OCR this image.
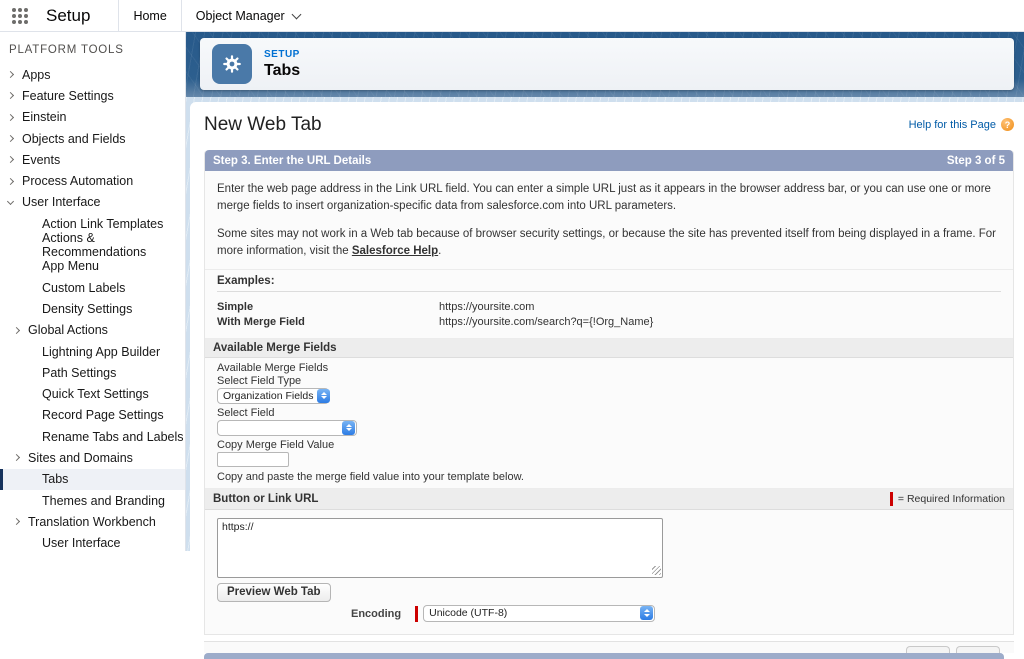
Setup	Home Object Manager
PLATFORM TOOLS
Apps
Feature Settings
Einstein
Objects and Fields
Events
Process Automation
User Interface
Action Link Templates
Actions & Recommendations
App Menu
Custom Labels
Density Settings
Global Actions
Lightning App Builder
Path Settings
Quick Text Settings
Record Page Settings
Rename Tabs and Labels
Sites and Domains
Tabs
Themes and Branding
Translation Workbench
User Interface
SETUP
Tabs
New Web Tab	Help for this Page ?
Step 3. Enter the URL Details	Step 3 of 5

Enter the web page address in the Link URL field. You can enter a simple URL just as it appears in the browser address bar, or you can use one or more merge fields to insert organization-specific data from salesforce.com into URL parameters.

Some sites may not work in a Web tab because of browser security settings, or because the site has prevented itself from being displayed in a frame. For more information, visit the Salesforce Help.

Examples:
Simple	https://yoursite.com
With Merge Field	https://yoursite.com/search?q={!Org_Name}
Available Merge Fields
Available Merge Fields
Select Field Type
Organization Fields
Select Field
Copy Merge Field Value
Copy and paste the merge field value into your template below.
Button or Link URL	= Required Information
https://
Preview Web Tab
Encoding	Unicode (UTF-8)
